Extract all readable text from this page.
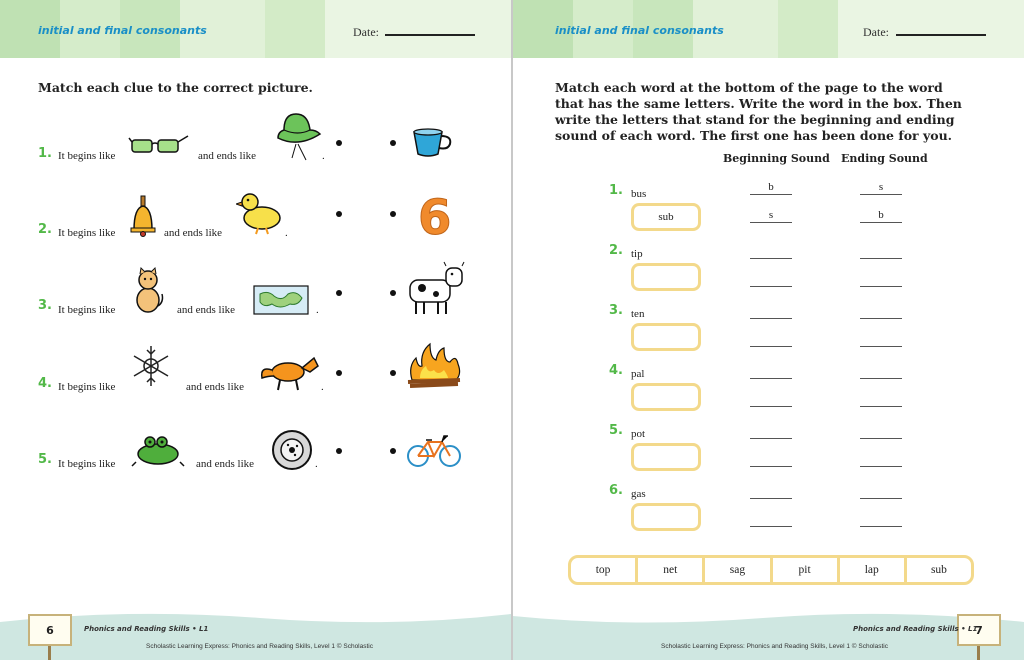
initial and final consonants	Date:
Match each clue to the correct picture.
1. It begins like	and ends like	.
2. It begins like	and ends like	.	6
3. It begins like	and ends like	.
4. It begins like	and ends like	.
5. It begins like	and ends like	.
6	Phonics and Reading Skills • L1
Scholastic Learning Express: Phonics and Reading Skills, Level 1 © Scholastic
initial and final consonants	Date:
Match each word at the bottom of the page to the word that has the same letters. Write the word in the box. Then write the letters that stand for the beginning and ending sound of each word. The first one has been done for you.
Beginning Sound Ending Sound
1. bus
sub
b	s
s	b
2. tip
3. ten
4. pal
5. pot
6. gas
7
Phonics and Reading Skills • L1
Scholastic Learning Express: Phonics and Reading Skills, Level 1 © Scholastic
top	net	sag	pit	lap	sub
